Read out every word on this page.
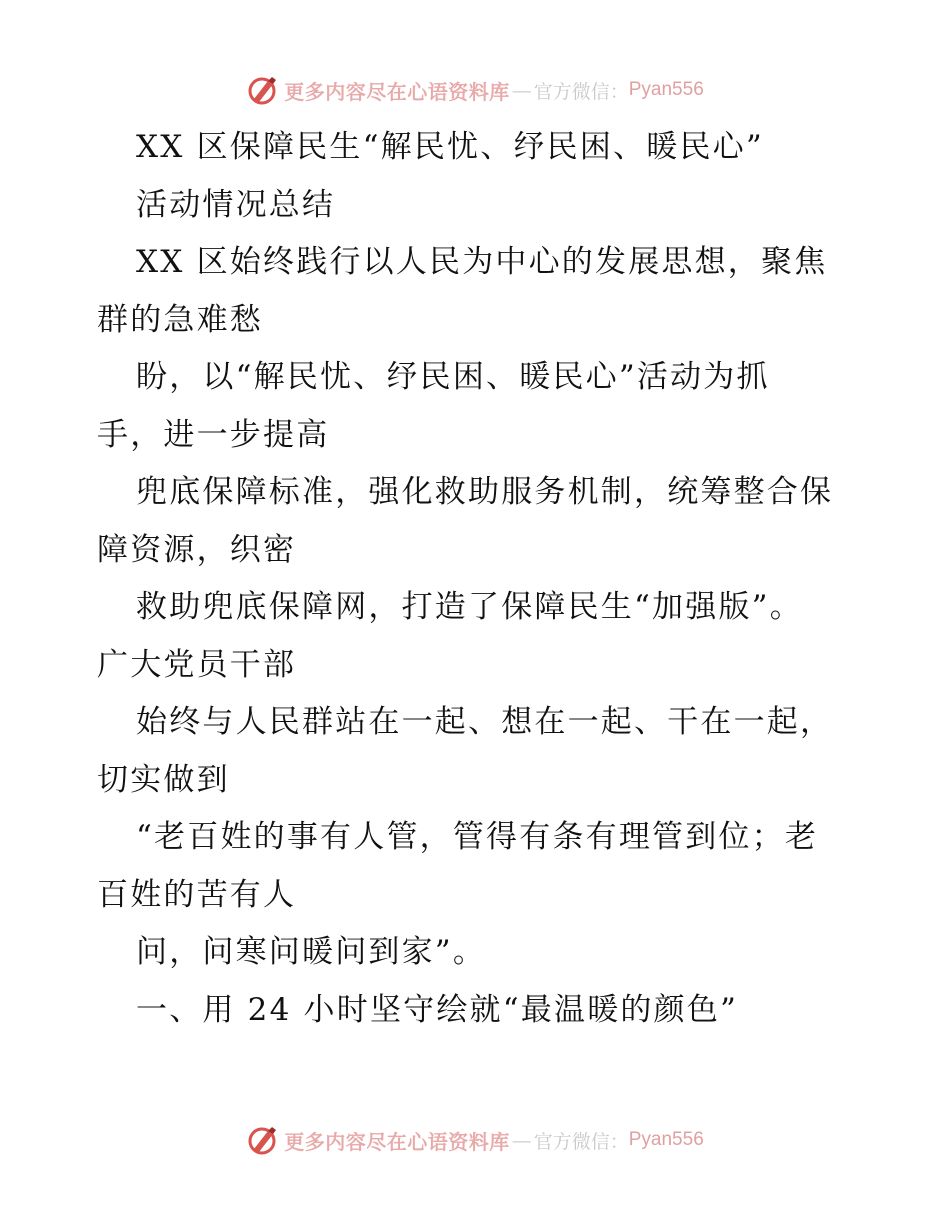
更多内容尽在心语资料库 — 官方微信： Pyan556
XX 区保障民生“解民忧、纾民困、暖民心”
活动情况总结
XX 区始终践行以人民为中心的发展思想，聚焦
群的急难愁
盼，以“解民忧、纾民困、暖民心”活动为抓
手，进一步提高
兜底保障标准，强化救助服务机制，统筹整合保
障资源，织密
救助兜底保障网，打造了保障民生“加强版”。
广大党员干部
始终与人民群站在一起、想在一起、干在一起，
切实做到
“老百姓的事有人管，管得有条有理管到位；老
百姓的苦有人
问，问寒问暖问到家”。
一、用 24 小时坚守绘就“最温暖的颜色”
更多内容尽在心语资料库 — 官方微信： Pyan556
